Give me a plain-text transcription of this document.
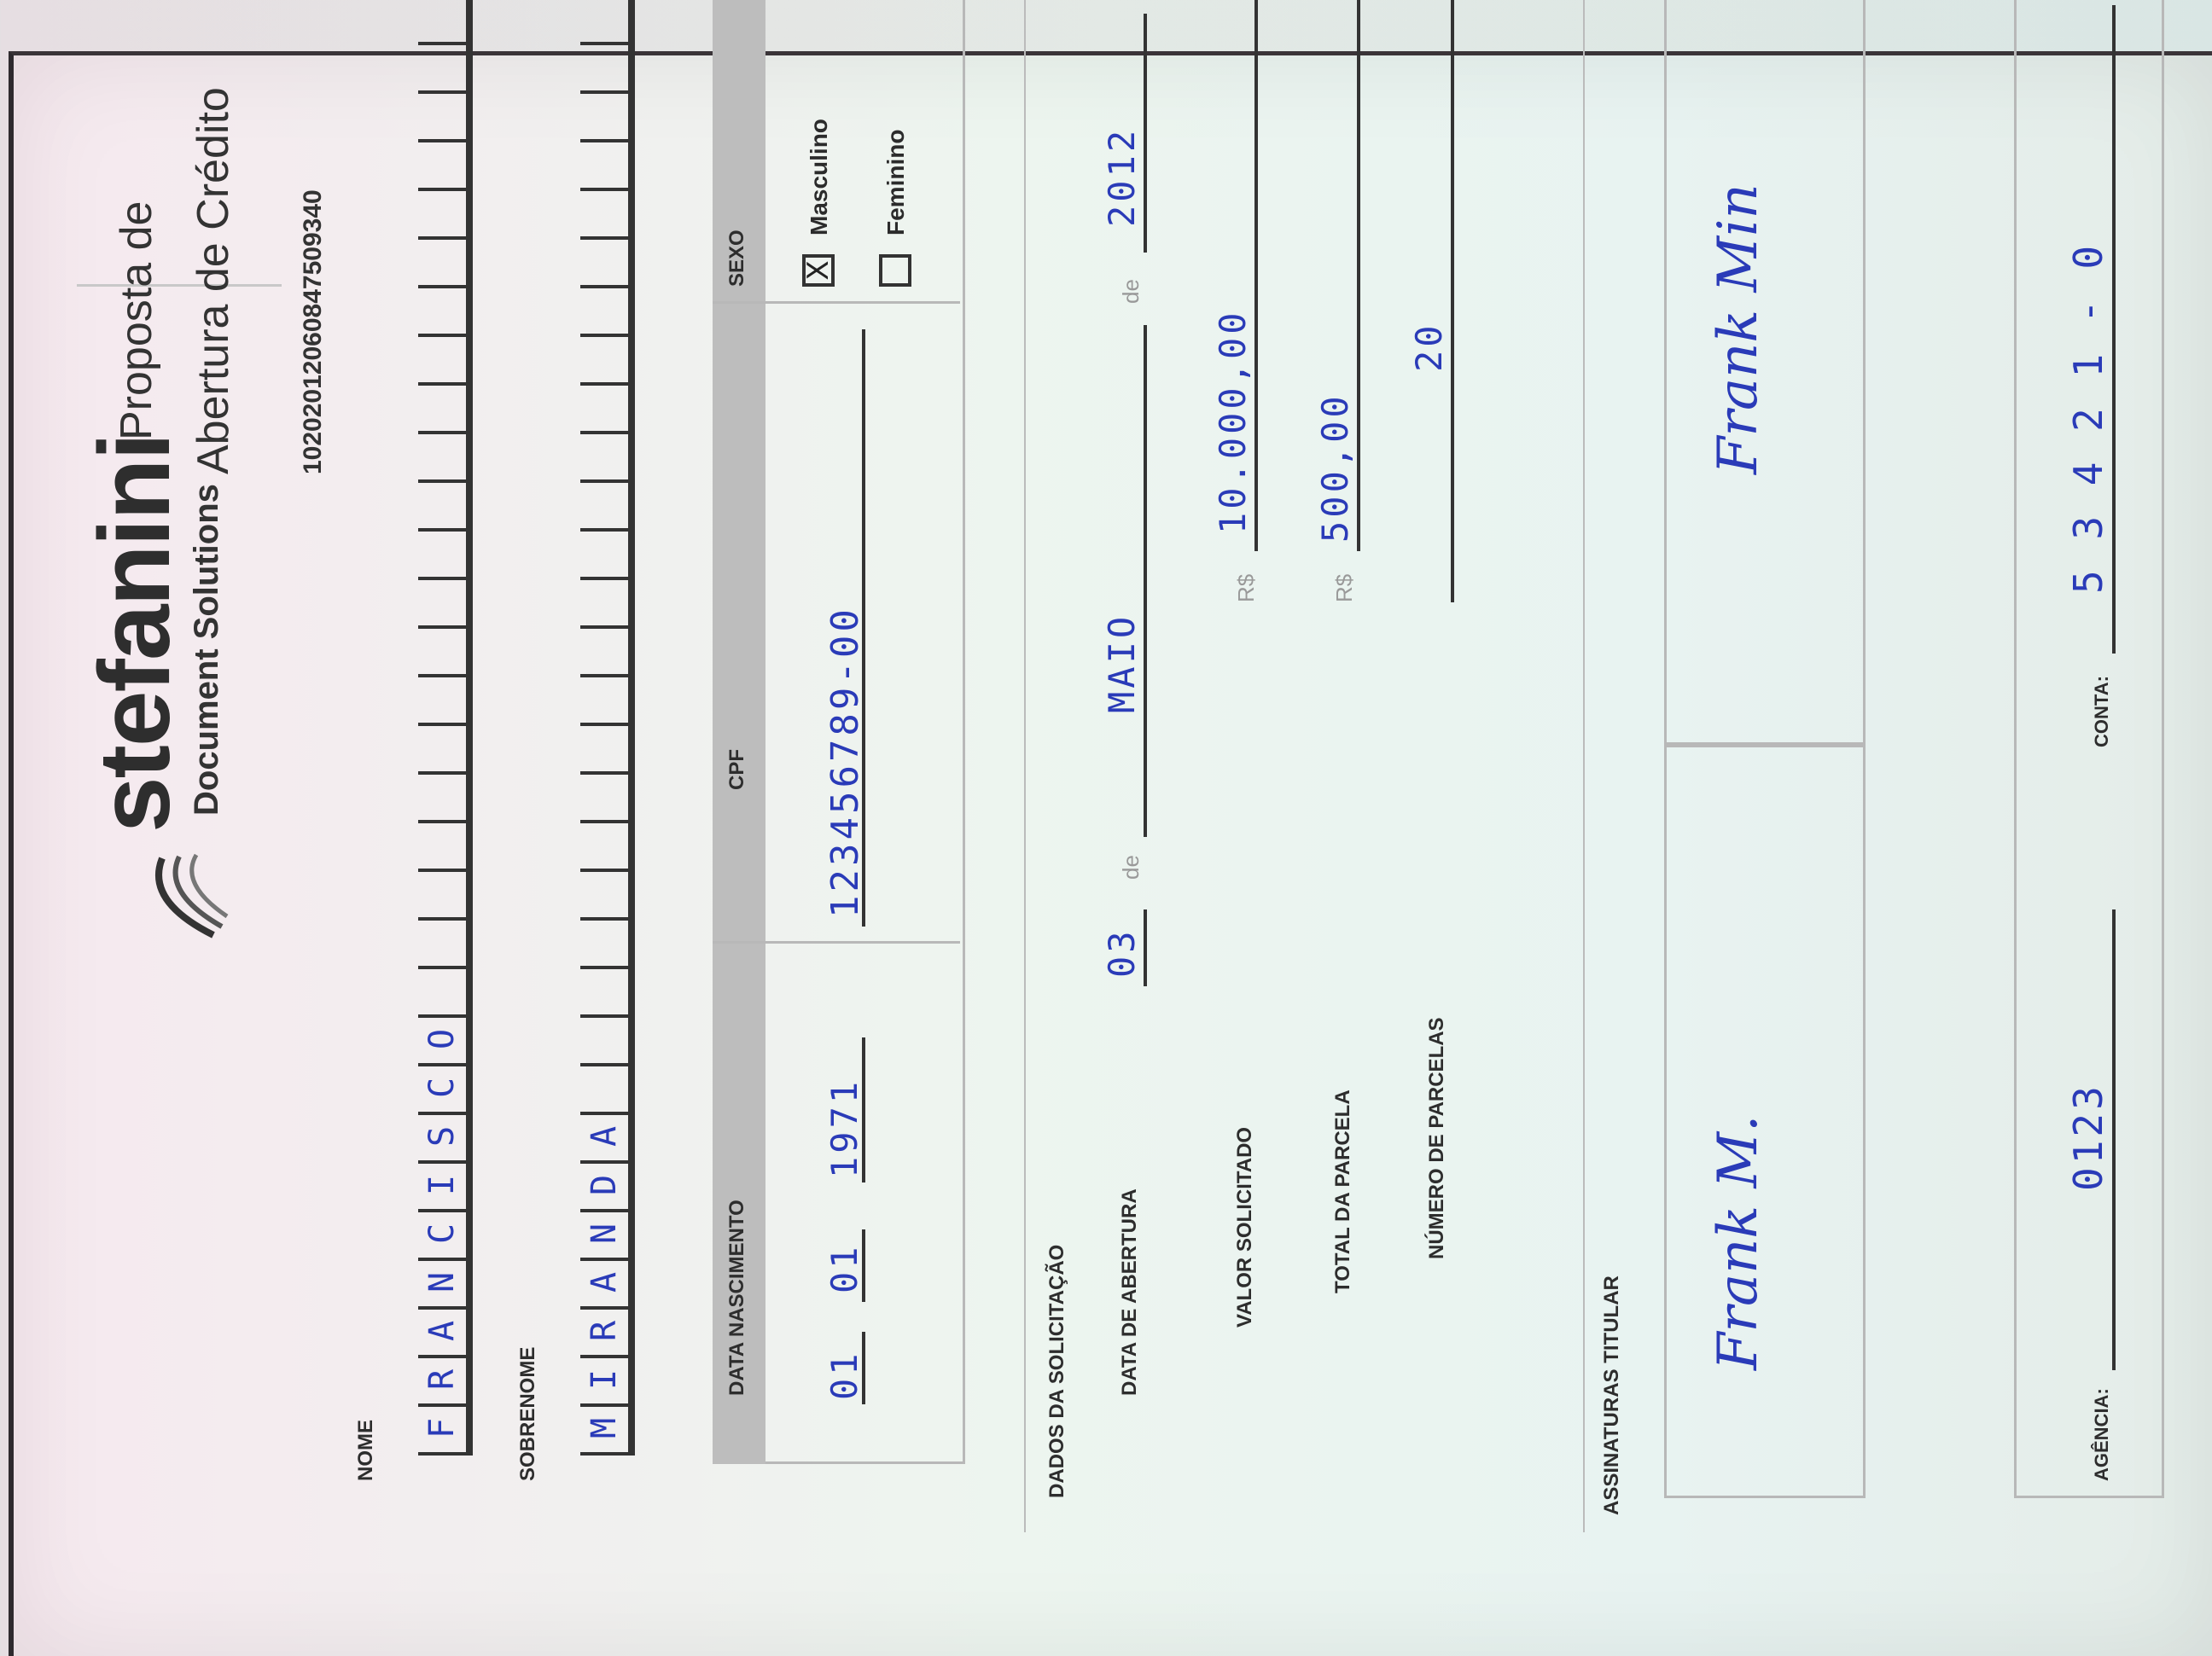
stefanini
Document Solutions
Proposta de Abertura de Crédito 1020201206084750934​0
NOME F
R
A
N
C
I
S
C
O
SOBRENOME M
I
R
A
N
D
A
DATA NASCIMENTO
CPF
SEXO
01
01
1971
123456789-00
X
Masculino Feminino
DADOS DA SOLICITAÇÃO DATA DE ABERTURA
03
de
MAIO
de
2012
VALOR SOLICITADO
R$
10.000,00
TOTAL DA PARCELA
R$
500,00
NÚMERO DE PARCELAS
20
ASSINATURAS TITULAR
Frank M.
Frank Min
AGÊNCIA:
0123
CONTA:
5 3 4 2 1 - 0
